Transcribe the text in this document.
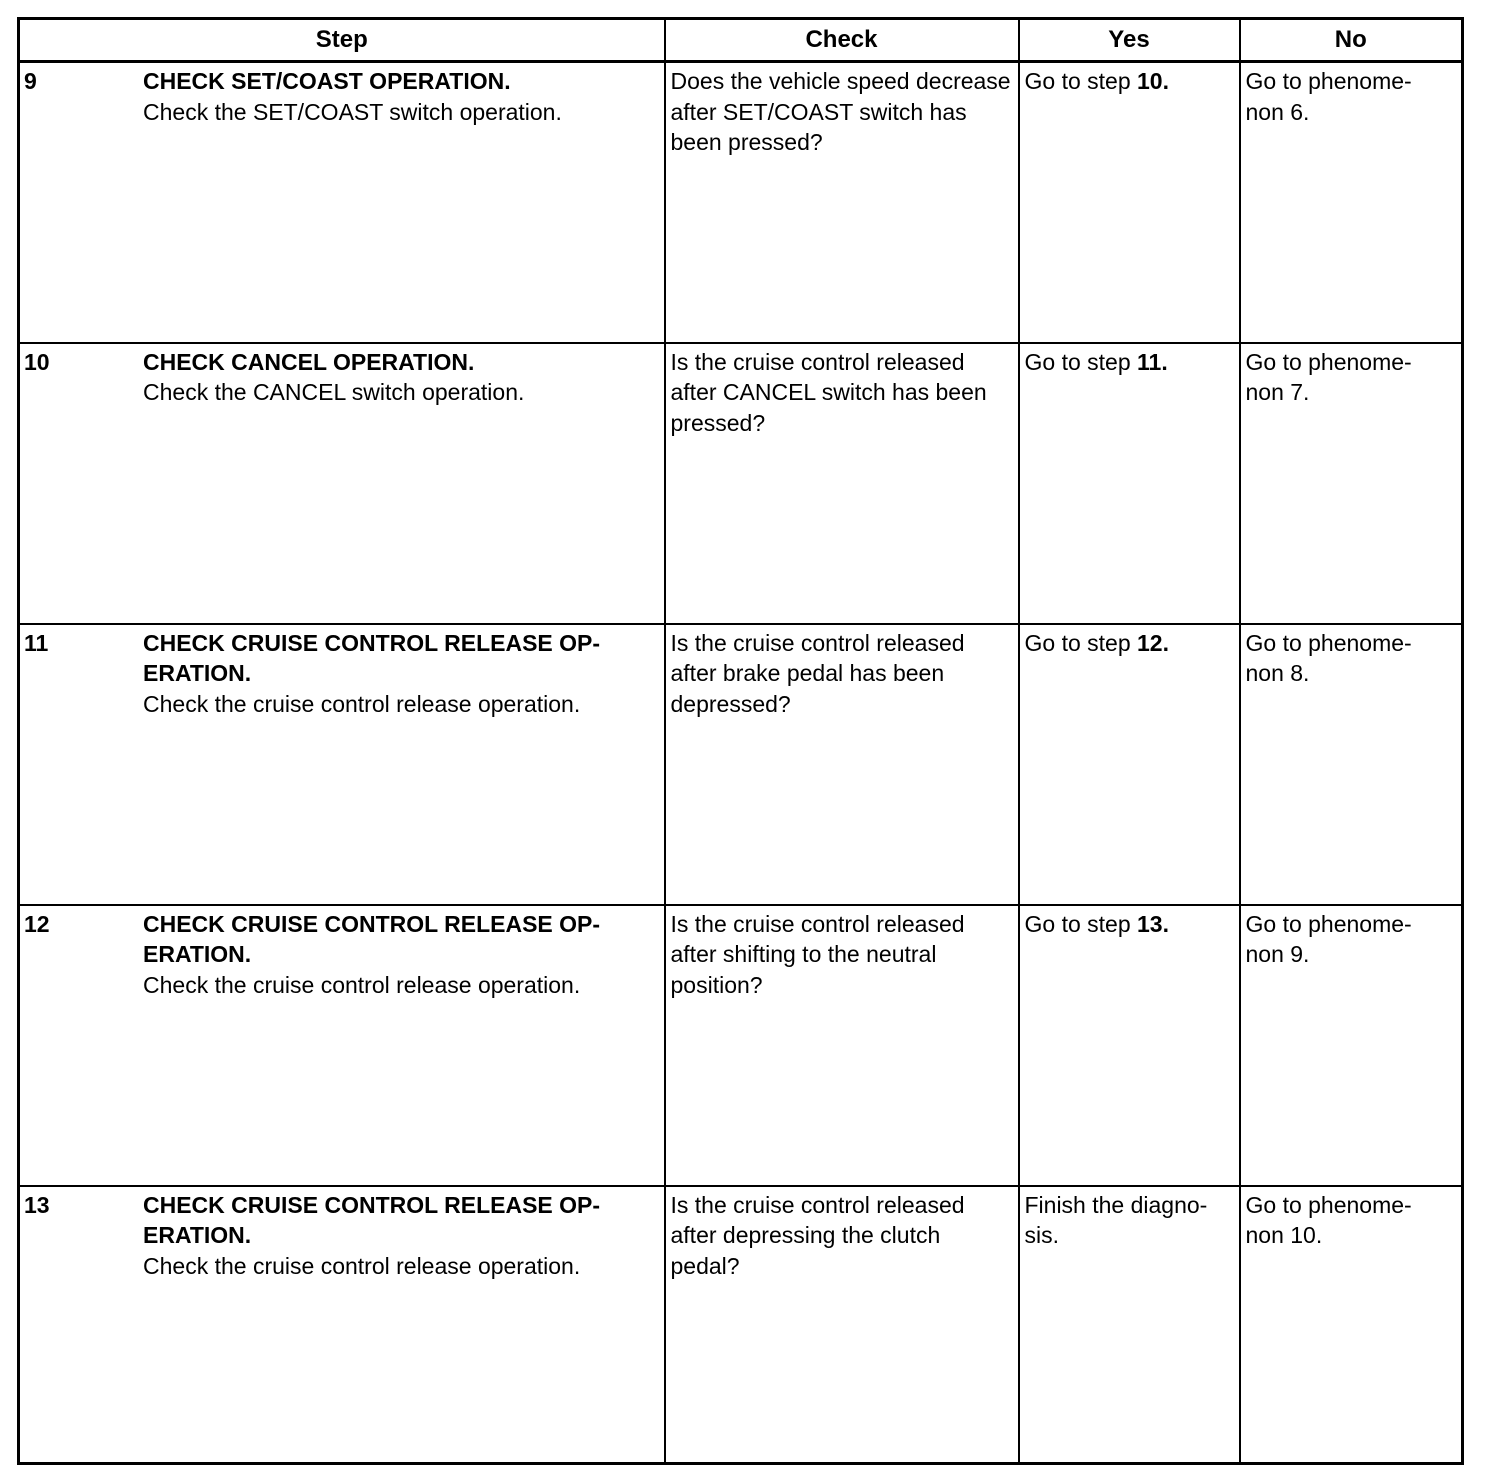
Step	Check	Yes	No

9 CHECK SET/COAST OPERATION.
Check the SET/COAST switch operation.	Does the vehicle speed decrease after SET/COAST switch has been pressed?	Go to step 10.	Go to phenome- non 6.

10 CHECK CANCEL OPERATION.
Check the CANCEL switch operation.	Is the cruise control released after CANCEL switch has been pressed?	Go to step 11.	Go to phenome- non 7.

11 CHECK CRUISE CONTROL RELEASE OP- ERATION.
Check the cruise control release operation.	Is the cruise control released after brake pedal has been depressed?	Go to step 12.	Go to phenome- non 8.

12 CHECK CRUISE CONTROL RELEASE OP- ERATION.
Check the cruise control release operation.	Is the cruise control released after shifting to the neutral position?	Go to step 13.	Go to phenome- non 9.

13 CHECK CRUISE CONTROL RELEASE OP- ERATION.
Check the cruise control release operation.	Is the cruise control released after depressing the clutch pedal?	Finish the diagno- sis.	Go to phenome- non 10.
